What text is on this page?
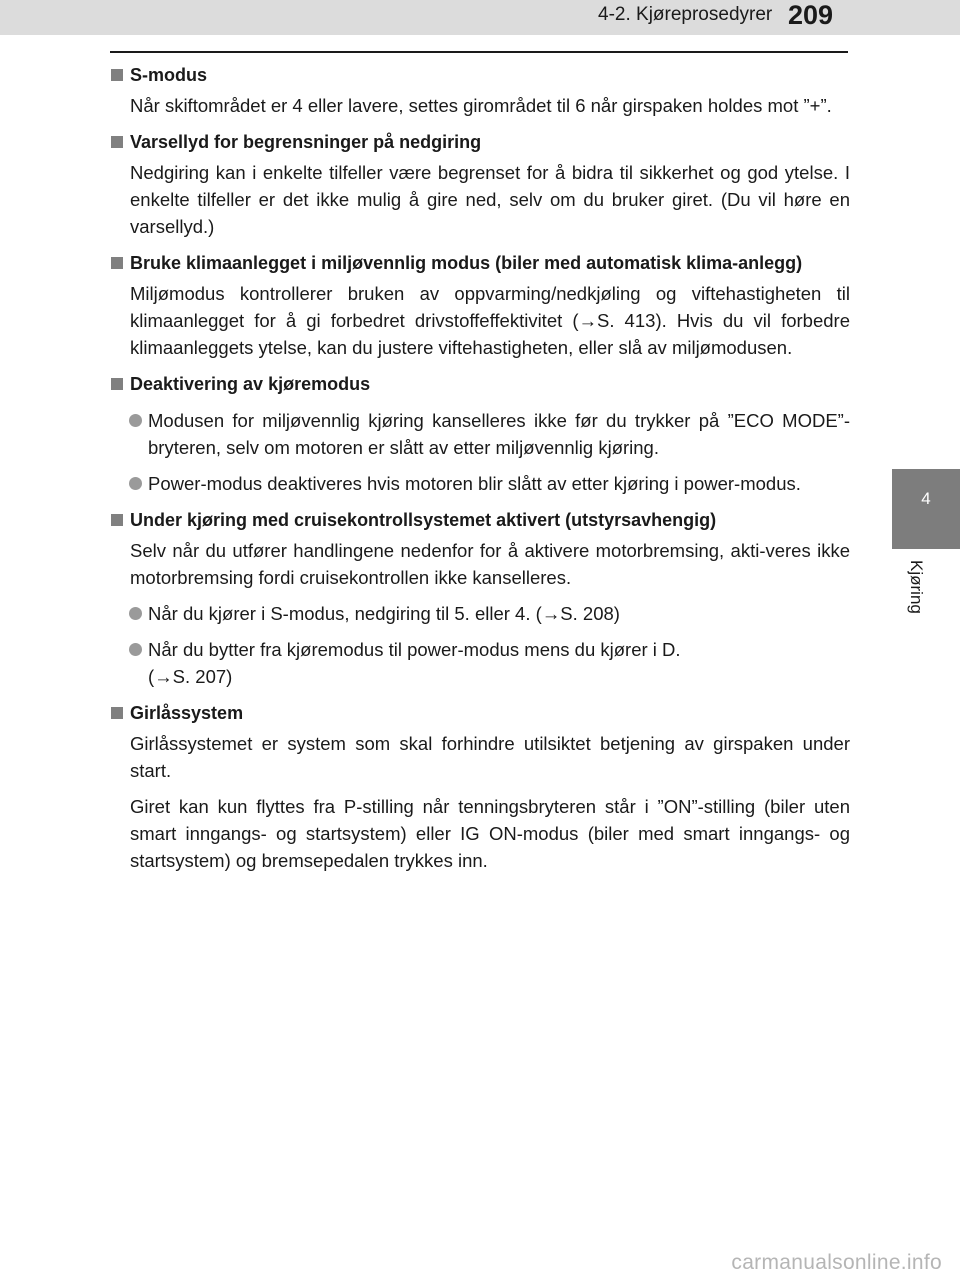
4-2. Kjøreprosedyrer 209
4
Kjøring
S-modus
Når skiftområdet er 4 eller lavere, settes girområdet til 6 når girspaken holdes mot ”+”.
Varsellyd for begrensninger på nedgiring
Nedgiring kan i enkelte tilfeller være begrenset for å bidra til sikkerhet og god ytelse. I enkelte tilfeller er det ikke mulig å gire ned, selv om du bruker giret. (Du vil høre en varsellyd.)
Bruke klimaanlegget i miljøvennlig modus (biler med automatisk klima-anlegg)
Miljømodus kontrollerer bruken av oppvarming/nedkjøling og viftehastigheten til klimaanlegget for å gi forbedret drivstoffeffektivitet (→S. 413). Hvis du vil forbedre klimaanleggets ytelse, kan du justere viftehastigheten, eller slå av miljømodusen.
Deaktivering av kjøremodus
Modusen for miljøvennlig kjøring kanselleres ikke før du trykker på ”ECO MODE”-bryteren, selv om motoren er slått av etter miljøvennlig kjøring.
Power-modus deaktiveres hvis motoren blir slått av etter kjøring i power-modus.
Under kjøring med cruisekontrollsystemet aktivert (utstyrsavhengig)
Selv når du utfører handlingene nedenfor for å aktivere motorbremsing, akti-veres ikke motorbremsing fordi cruisekontrollen ikke kanselleres.
Når du kjører i S-modus, nedgiring til 5. eller 4. (→S. 208)
Når du bytter fra kjøremodus til power-modus mens du kjører i D.
(→S. 207)
Girlåssystem
Girlåssystemet er system som skal forhindre utilsiktet betjening av girspaken under start.
Giret kan kun flyttes fra P-stilling når tenningsbryteren står i ”ON”-stilling (biler uten smart inngangs- og startsystem) eller IG ON-modus (biler med smart inngangs- og startsystem) og bremsepedalen trykkes inn.
carmanualsonline.info
